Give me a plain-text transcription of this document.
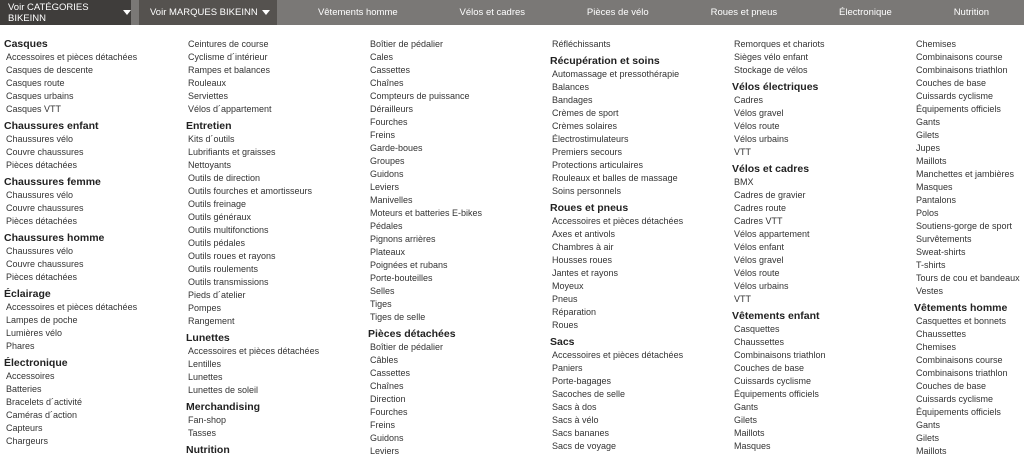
Voir CATÉGORIES BIKEINN	Voir MARQUES BIKEINN	Vêtements homme	Vélos et cadres	Pièces de vélo	Roues et pneus	Électronique	Nutrition
Casques
Accessoires et pièces détachées
Casques de descente
Casques route
Casques urbains
Casques VTT
Chaussures enfant
Chaussures vélo
Couvre chaussures
Pièces détachées
Chaussures femme
Chaussures vélo
Couvre chaussures
Pièces détachées
Chaussures homme
Chaussures vélo
Couvre chaussures
Pièces détachées
Éclairage
Accessoires et pièces détachées
Lampes de poche
Lumières vélo
Phares
Électronique
Accessoires
Batteries
Bracelets d´activité
Caméras d´action
Capteurs
Chargeurs
Ceintures de course
Cyclisme d´intérieur
Rampes et balances
Rouleaux
Serviettes
Vélos d´appartement
Entretien
Kits d´outils
Lubrifiants et graisses
Nettoyants
Outils de direction
Outils fourches et amortisseurs
Outils freinage
Outils généraux
Outils multifonctions
Outils pédales
Outils roues et rayons
Outils roulements
Outils transmissions
Pieds d´atelier
Pompes
Rangement
Lunettes
Accessoires et pièces détachées
Lentilles
Lunettes
Lunettes de soleil
Merchandising
Fan-shop
Tasses
Nutrition
Boîtier de pédalier
Cales
Cassettes
Chaînes
Compteurs de puissance
Dérailleurs
Fourches
Freins
Garde-boues
Groupes
Guidons
Leviers
Manivelles
Moteurs et batteries E-bikes
Pédales
Pignons arrières
Plateaux
Poignées et rubans
Porte-bouteilles
Selles
Tiges
Tiges de selle
Pièces détachées
Boîtier de pédalier
Câbles
Cassettes
Chaînes
Direction
Fourches
Freins
Guidons
Leviers
Réfléchissants
Récupération et soins
Automassage et pressothérapie
Balances
Bandages
Crèmes de sport
Crèmes solaires
Électrostimulateurs
Premiers secours
Protections articulaires
Rouleaux et balles de massage
Soins personnels
Roues et pneus
Accessoires et pièces détachées
Axes et antivols
Chambres à air
Housses roues
Jantes et rayons
Moyeux
Pneus
Réparation
Roues
Sacs
Accessoires et pièces détachées
Paniers
Porte-bagages
Sacoches de selle
Sacs à dos
Sacs à vélo
Sacs bananes
Sacs de voyage
Remorques et chariots
Sièges vélo enfant
Stockage de vélos
Vélos électriques
Cadres
Vélos gravel
Vélos route
Vélos urbains
VTT
Vélos et cadres
BMX
Cadres de gravier
Cadres route
Cadres VTT
Vélos appartement
Vélos enfant
Vélos gravel
Vélos route
Vélos urbains
VTT
Vêtements enfant
Casquettes
Chaussettes
Combinaisons triathlon
Couches de base
Cuissards cyclisme
Équipements officiels
Gants
Gilets
Maillots
Masques
Chemises
Combinaisons course
Combinaisons triathlon
Couches de base
Cuissards cyclisme
Équipements officiels
Gants
Gilets
Jupes
Maillots
Manchettes et jambières
Masques
Pantalons
Polos
Soutiens-gorge de sport
Survêtements
Sweat-shirts
T-shirts
Tours de cou et bandeaux
Vestes
Vêtements homme
Casquettes et bonnets
Chaussettes
Chemises
Combinaisons course
Combinaisons triathlon
Couches de base
Cuissards cyclisme
Équipements officiels
Gants
Gilets
Maillots
